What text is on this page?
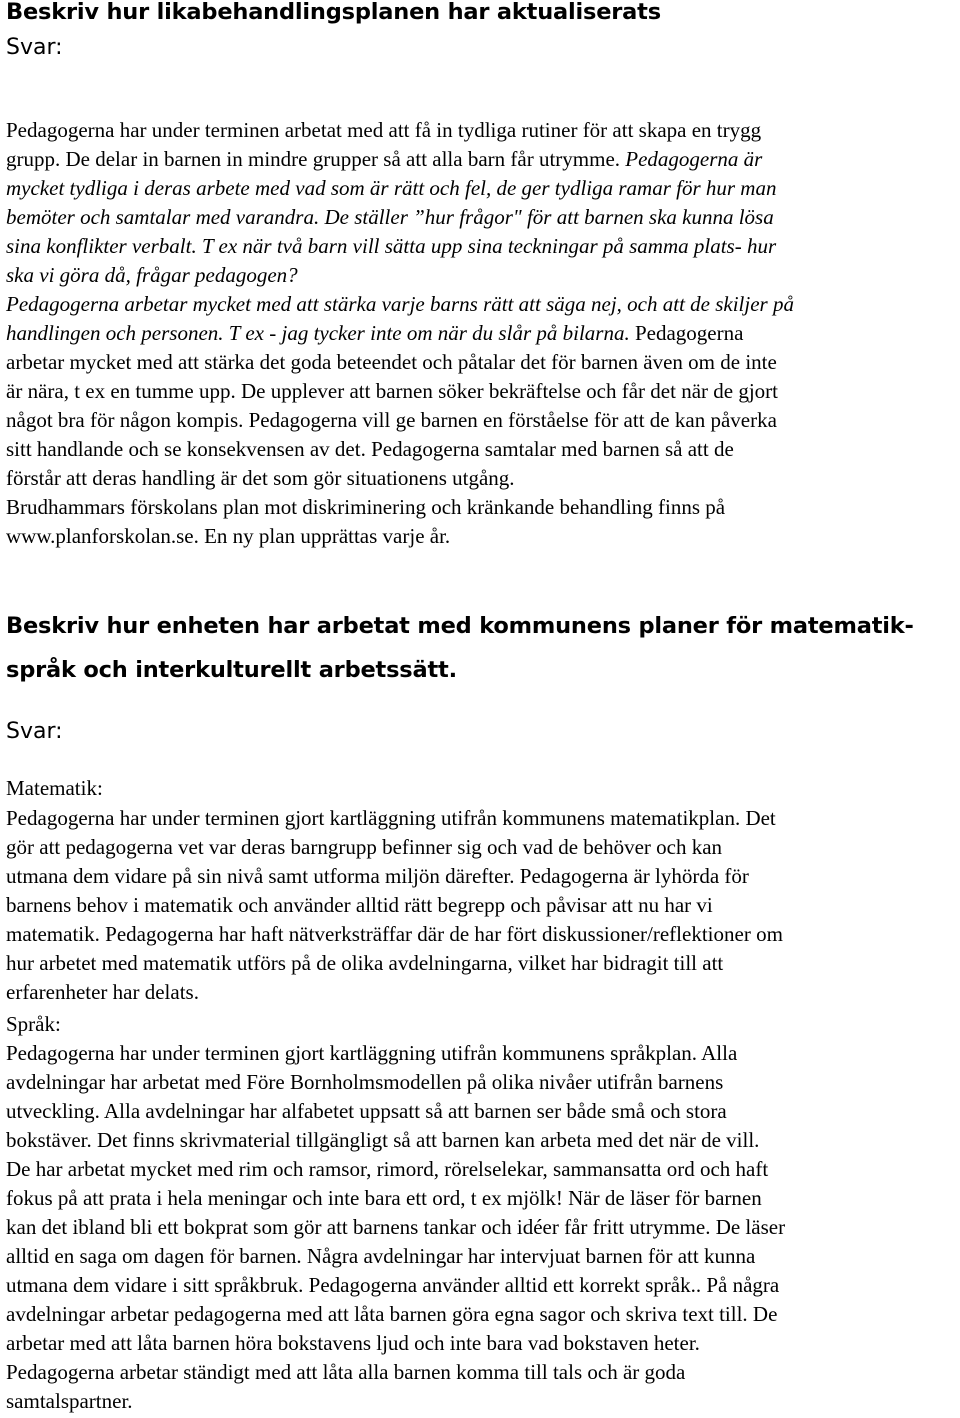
Beskriv hur likabehandlingsplanen har aktualiserats

Svar:

Pedagogerna har under terminen arbetat med att få in tydliga rutiner för att skapa en trygg
grupp. De delar in barnen in mindre grupper så att alla barn får utrymme. Pedagogerna är
mycket tydliga i deras arbete med vad som är rätt och fel, de ger tydliga ramar för hur man
bemöter och samtalar med varandra. De ställer ”hur frågor" för att barnen ska kunna lösa
sina konflikter verbalt. T ex när två barn vill sätta upp sina teckningar på samma plats- hur
ska vi göra då, frågar pedagogen?
Pedagogerna arbetar mycket med att stärka varje barns rätt att säga nej, och att de skiljer på
handlingen och personen. T ex - jag tycker inte om när du slår på bilarna. Pedagogerna
arbetar mycket med att stärka det goda beteendet och påtalar det för barnen även om de inte
är nära, t ex en tumme upp. De upplever att barnen söker bekräftelse och får det när de gjort
något bra för någon kompis. Pedagogerna vill ge barnen en förståelse för att de kan påverka
sitt handlande och se konsekvensen av det. Pedagogerna samtalar med barnen så att de
förstår att deras handling är det som gör situationens utgång.
Brudhammars förskolans plan mot diskriminering och kränkande behandling finns på
www.planforskolan.se. En ny plan upprättas varje år.
Beskriv hur enheten har arbetat med kommunens planer för matematik-
språk och interkulturellt arbetssätt.

Svar:

Matematik:

Pedagogerna har under terminen gjort kartläggning utifrån kommunens matematikplan. Det
gör att pedagogerna vet var deras barngrupp befinner sig och vad de behöver och kan
utmana dem vidare på sin nivå samt utforma miljön därefter. Pedagogerna är lyhörda för
barnens behov i matematik och använder alltid rätt begrepp och påvisar att nu har vi
matematik. Pedagogerna har haft nätverksträffar där de har fört diskussioner/reflektioner om
hur arbetet med matematik utförs på de olika avdelningarna, vilket har bidragit till att
erfarenheter har delats.

Språk:

Pedagogerna har under terminen gjort kartläggning utifrån kommunens språkplan. Alla
avdelningar har arbetat med Före Bornholmsmodellen på olika nivåer utifrån barnens
utveckling. Alla avdelningar har alfabetet uppsatt så att barnen ser både små och stora
bokstäver. Det finns skrivmaterial tillgängligt så att barnen kan arbeta med det när de vill.
De har arbetat mycket med rim och ramsor, rimord, rörelselekar, sammansatta ord och haft
fokus på att prata i hela meningar och inte bara ett ord, t ex mjölk! När de läser för barnen
kan det ibland bli ett bokprat som gör att barnens tankar och idéer får fritt utrymme. De läser
alltid en saga om dagen för barnen. Några avdelningar har intervjuat barnen för att kunna
utmana dem vidare i sitt språkbruk. Pedagogerna använder alltid ett korrekt språk.. På några
avdelningar arbetar pedagogerna med att låta barnen göra egna sagor och skriva text till. De
arbetar med att låta barnen höra bokstavens ljud och inte bara vad bokstaven heter.
Pedagogerna arbetar ständigt med att låta alla barnen komma till tals och är goda
samtalspartner.
